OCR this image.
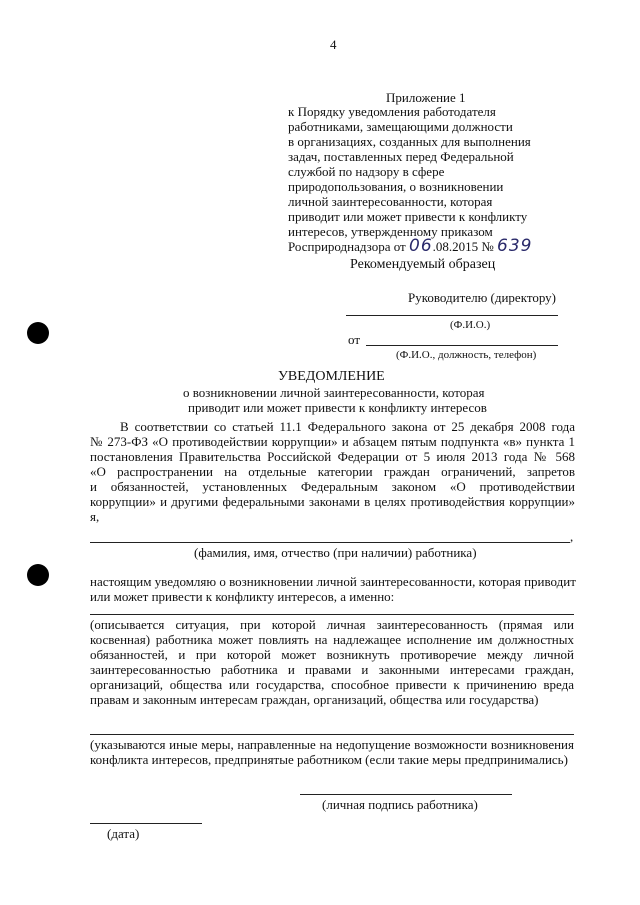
4
Приложение 1
к Порядку уведомления работодателя
работниками, замещающими должности
в организациях, созданных для выполнения
задач, поставленных перед Федеральной
службой по надзору в сфере
природопользования, о возникновении
личной заинтересованности, которая
приводит или может привести к конфликту
интересов, утвержденному приказом
Росприроднадзора от 06.08.2015 № 639
Рекомендуемый образец
Руководителю (директору)
(Ф.И.О.)
от
(Ф.И.О., должность, телефон)
УВЕДОМЛЕНИЕ
о возникновении личной заинтересованности, которая
приводит или может привести к конфликту интересов
В соответствии со статьей 11.1 Федерального закона от 25 декабря 2008 года
№ 273-ФЗ «О противодействии коррупции» и абзацем пятым подпункта «в» пункта 1
постановления Правительства Российской Федерации от 5 июля 2013 года № 568
«О распространении на отдельные категории граждан ограничений, запретов
и обязанностей, установленных Федеральным законом «О противодействии
коррупции» и другими федеральными законами в целях противодействия коррупции»
я,
,
(фамилия, имя, отчество (при наличии) работника)
настоящим уведомляю о возникновении личной заинтересованности, которая приводит
или может привести к конфликту интересов, а именно:
(описывается ситуация, при которой личная заинтересованность (прямая или
косвенная) работника может повлиять на надлежащее исполнение им должностных
обязанностей, и при которой может возникнуть противоречие между личной
заинтересованностью работника и правами и законными интересами граждан,
организаций, общества или государства, способное привести к причинению вреда
правам и законным интересам граждан, организаций, общества или государства)
(указываются иные меры, направленные на недопущение возможности возникновения
конфликта интересов, предпринятые работником (если такие меры предпринимались)
(личная подпись работника)
(дата)
